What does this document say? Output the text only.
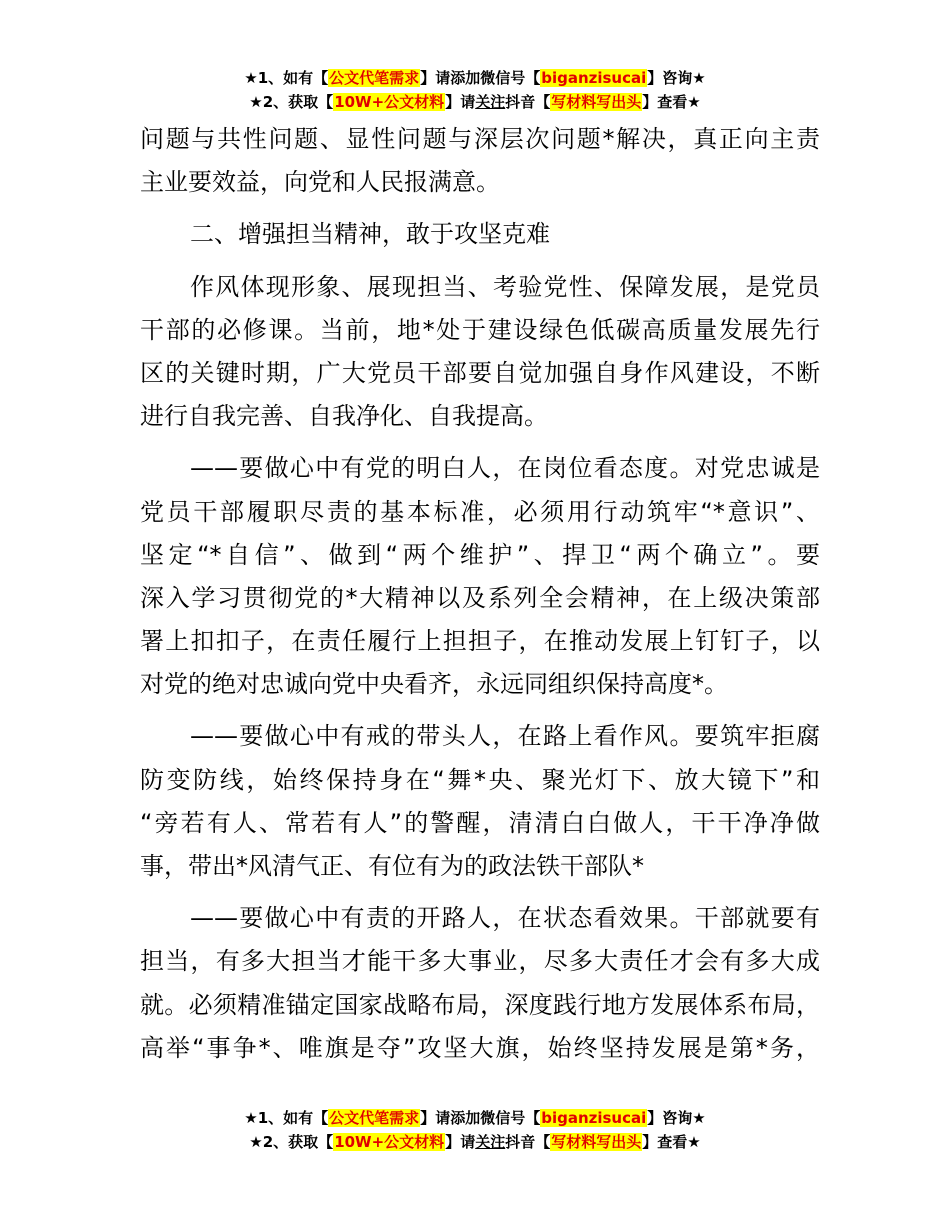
★1、如有【公文代笔需求】请添加微信号【biganzisucai】咨询★
★2、获取【10W+公文材料】请关注抖音【写材料写出头】查看★
问题与共性问题、显性问题与深层次问题*解决，真正向主责
主业要效益，向党和人民报满意。
二、增强担当精神，敢于攻坚克难
作风体现形象、展现担当、考验党性、保障发展，是党员
干部的必修课。当前，地*处于建设绿色低碳高质量发展先行
区的关键时期，广大党员干部要自觉加强自身作风建设，不断
进行自我完善、自我净化、自我提高。
——要做心中有党的明白人，在岗位看态度。对党忠诚是
党员干部履职尽责的基本标准，必须用行动筑牢“*意识”、
坚定“*自信”、做到“两个维护”、捍卫“两个确立”。要
深入学习贯彻党的*大精神以及系列全会精神，在上级决策部
署上扣扣子，在责任履行上担担子，在推动发展上钉钉子，以
对党的绝对忠诚向党中央看齐，永远同组织保持高度*。
——要做心中有戒的带头人，在路上看作风。要筑牢拒腐
防变防线，始终保持身在“舞*央、聚光灯下、放大镜下”和
“旁若有人、常若有人”的警醒，清清白白做人，干干净净做
事，带出*风清气正、有位有为的政法铁干部队*
——要做心中有责的开路人，在状态看效果。干部就要有
担当，有多大担当才能干多大事业，尽多大责任才会有多大成
就。必须精准锚定国家战略布局，深度践行地方发展体系布局，
高举“事争*、唯旗是夺”攻坚大旗，始终坚持发展是第*务，
★1、如有【公文代笔需求】请添加微信号【biganzisucai】咨询★
★2、获取【10W+公文材料】请关注抖音【写材料写出头】查看★
